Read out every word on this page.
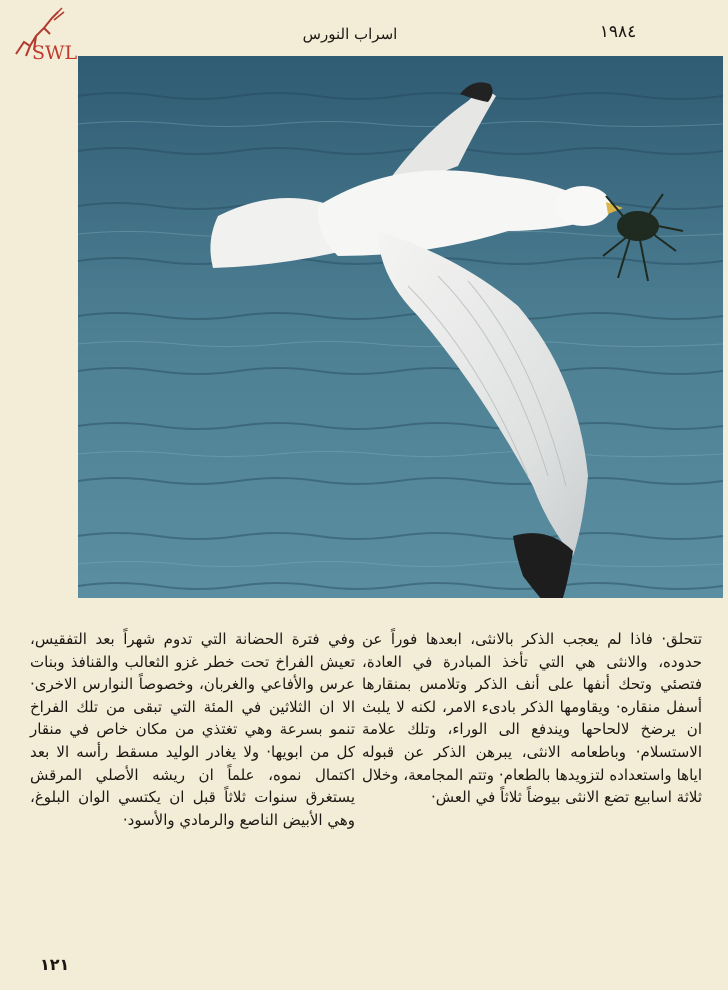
SWL
اسراب النورس	١٩٨٤
تتحلق· فاذا لم يعجب الذكر بالانثى، ابعدها فوراً عن حدوده، والانثى هي التي تأخذ المبادرة في العادة، فتصئي وتحك أنفها على أنف الذكر وتلامس بمنقارها أسفل منقاره· ويقاومها الذكر بادىء الامر، لكنه لا يلبث ان يرضخ لالحاحها ويندفع الى الوراء، وتلك علامة الاستسلام· وباطعامه الانثى، يبرهن الذكر عن قبوله اياها واستعداده لتزويدها بالطعام· وتتم المجامعة، وخلال ثلاثة اسابيع تضع الانثى بيوضاً ثلاثاً في العش·
وفي فترة الحضانة التي تدوم شهراً بعد التفقيس، تعيش الفراخ تحت خطر غزو الثعالب والقنافذ وبنات عرس والأفاعي والغربان، وخصوصاً النوارس الاخرى· الا ان الثلاثين في المئة التي تبقى من تلك الفراخ تنمو بسرعة وهي تغتذي من مكان خاص في منقار كل من ابويها· ولا يغادر الوليد مسقط رأسه الا بعد اكتمال نموه، علماً ان ريشه الأصلي المرقش يستغرق سنوات ثلاثاً قبل ان يكتسي الوان البلوغ، وهي الأبيض الناصع والرمادي والأسود·
١٢١
